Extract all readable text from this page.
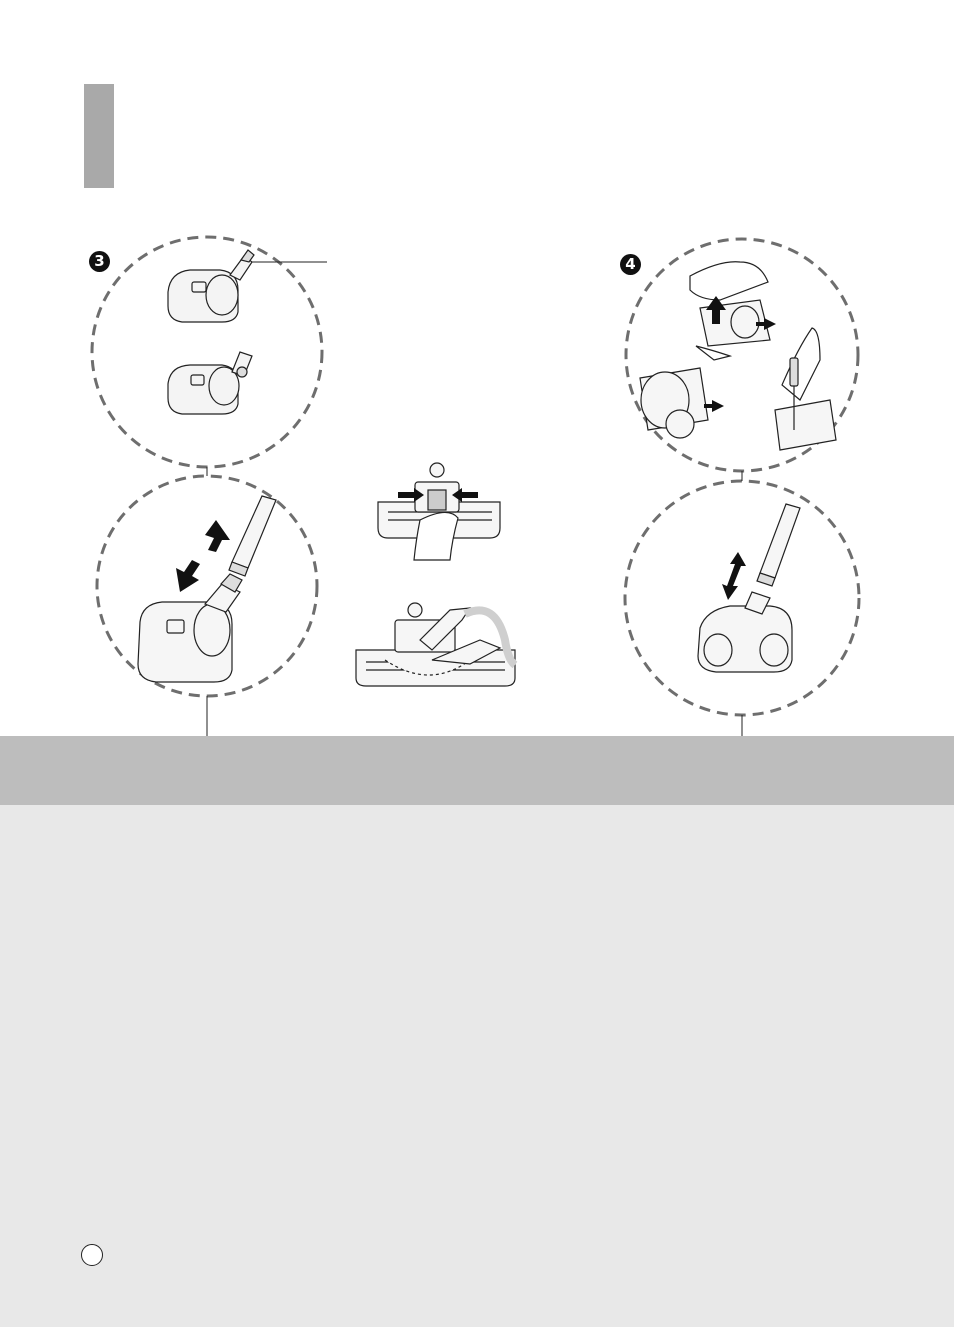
3	4
